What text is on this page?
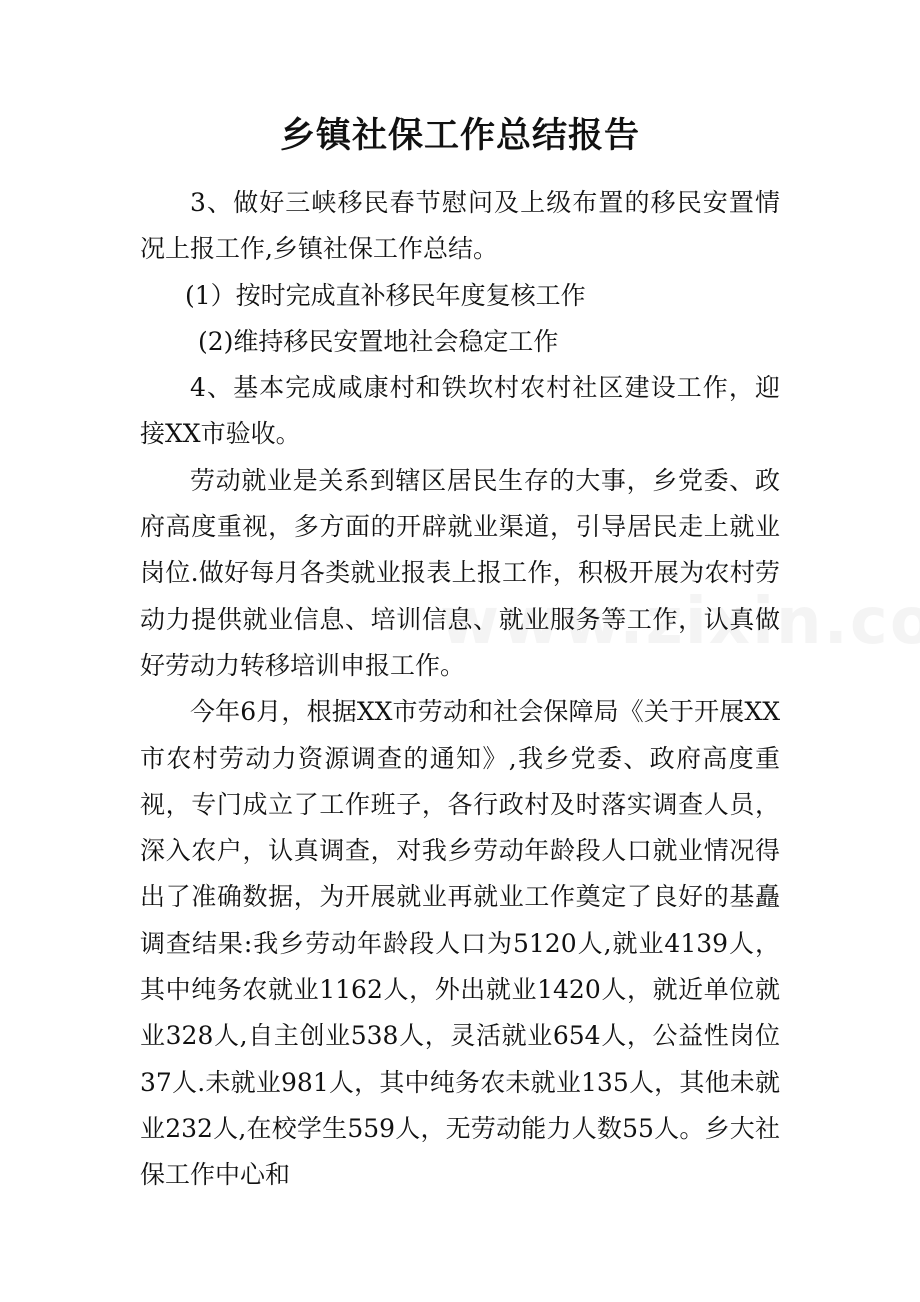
乡镇社保工作总结报告

3、做好三峡移民春节慰问及上级布置的移民安置情况上报工作,乡镇社保工作总结。

(1）按时完成直补移民年度复核工作

(2)维持移民安置地社会稳定工作

4、基本完成咸康村和铁坎村农村社区建设工作，迎接XX市验收。

劳动就业是关系到辖区居民生存的大事，乡党委、政府高度重视，多方面的开辟就业渠道，引导居民走上就业岗位.做好每月各类就业报表上报工作，积极开展为农村劳动力提供就业信息、培训信息、就业服务等工作，认真做好劳动力转移培训申报工作。

今年6月，根据XX市劳动和社会保障局《关于开展XX市农村劳动力资源调查的通知》,我乡党委、政府高度重视，专门成立了工作班子，各行政村及时落实调查人员，深入农户，认真调查，对我乡劳动年龄段人口就业情况得出了准确数据，为开展就业再就业工作奠定了良好的基矗调查结果:我乡劳动年龄段人口为5120人,就业4139人，其中纯务农就业1162人，外出就业1420人，就近单位就业328人,自主创业538人，灵活就业654人，公益性岗位37人.未就业981人，其中纯务农未就业135人，其他未就业232人,在校学生559人，无劳动能力人数55人。乡大社保工作中心和
